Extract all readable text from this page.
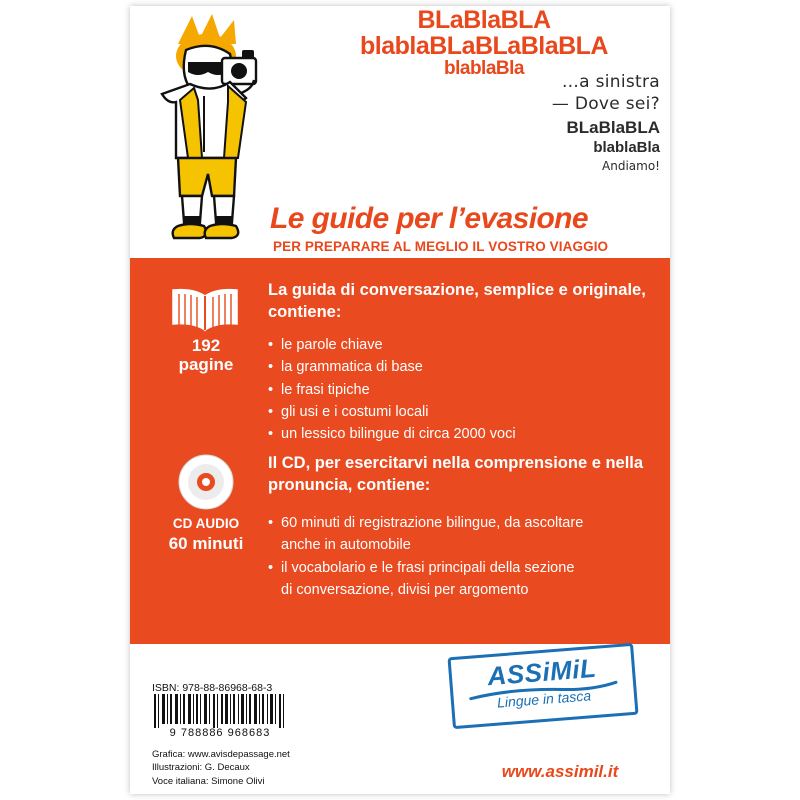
BLaBlaBLA
blablaBLaBLaBlaBLA
blablaBla
…a sinistra
— Dove sei?
BLaBlaBLA
blablaBla
Andiamo!
Le guide per l’evasione
PER PREPARARE AL MEGLIO IL VOSTRO VIAGGIO
192
pagine
CD AUDIO
60 minuti
La guida di conversazione, semplice e originale, contiene:
• le parole chiave
• la grammatica di base
• le frasi tipiche
• gli usi e i costumi locali
• un lessico bilingue di circa 2000 voci
Il CD, per esercitarvi nella comprensione e nella pronuncia, contiene:
• 60 minuti di registrazione bilingue, da ascoltare
anche in automobile
• il vocabolario e le frasi principali della sezione
di conversazione, divisi per argomento
ISBN: 978-88-86968-68-3
9 788886 968683
Grafica: www.avisdepassage.net
Illustrazioni: G. Decaux
Voce italiana: Simone Olivi
ASSiMiL
Lingue in tasca
www.assimil.it
